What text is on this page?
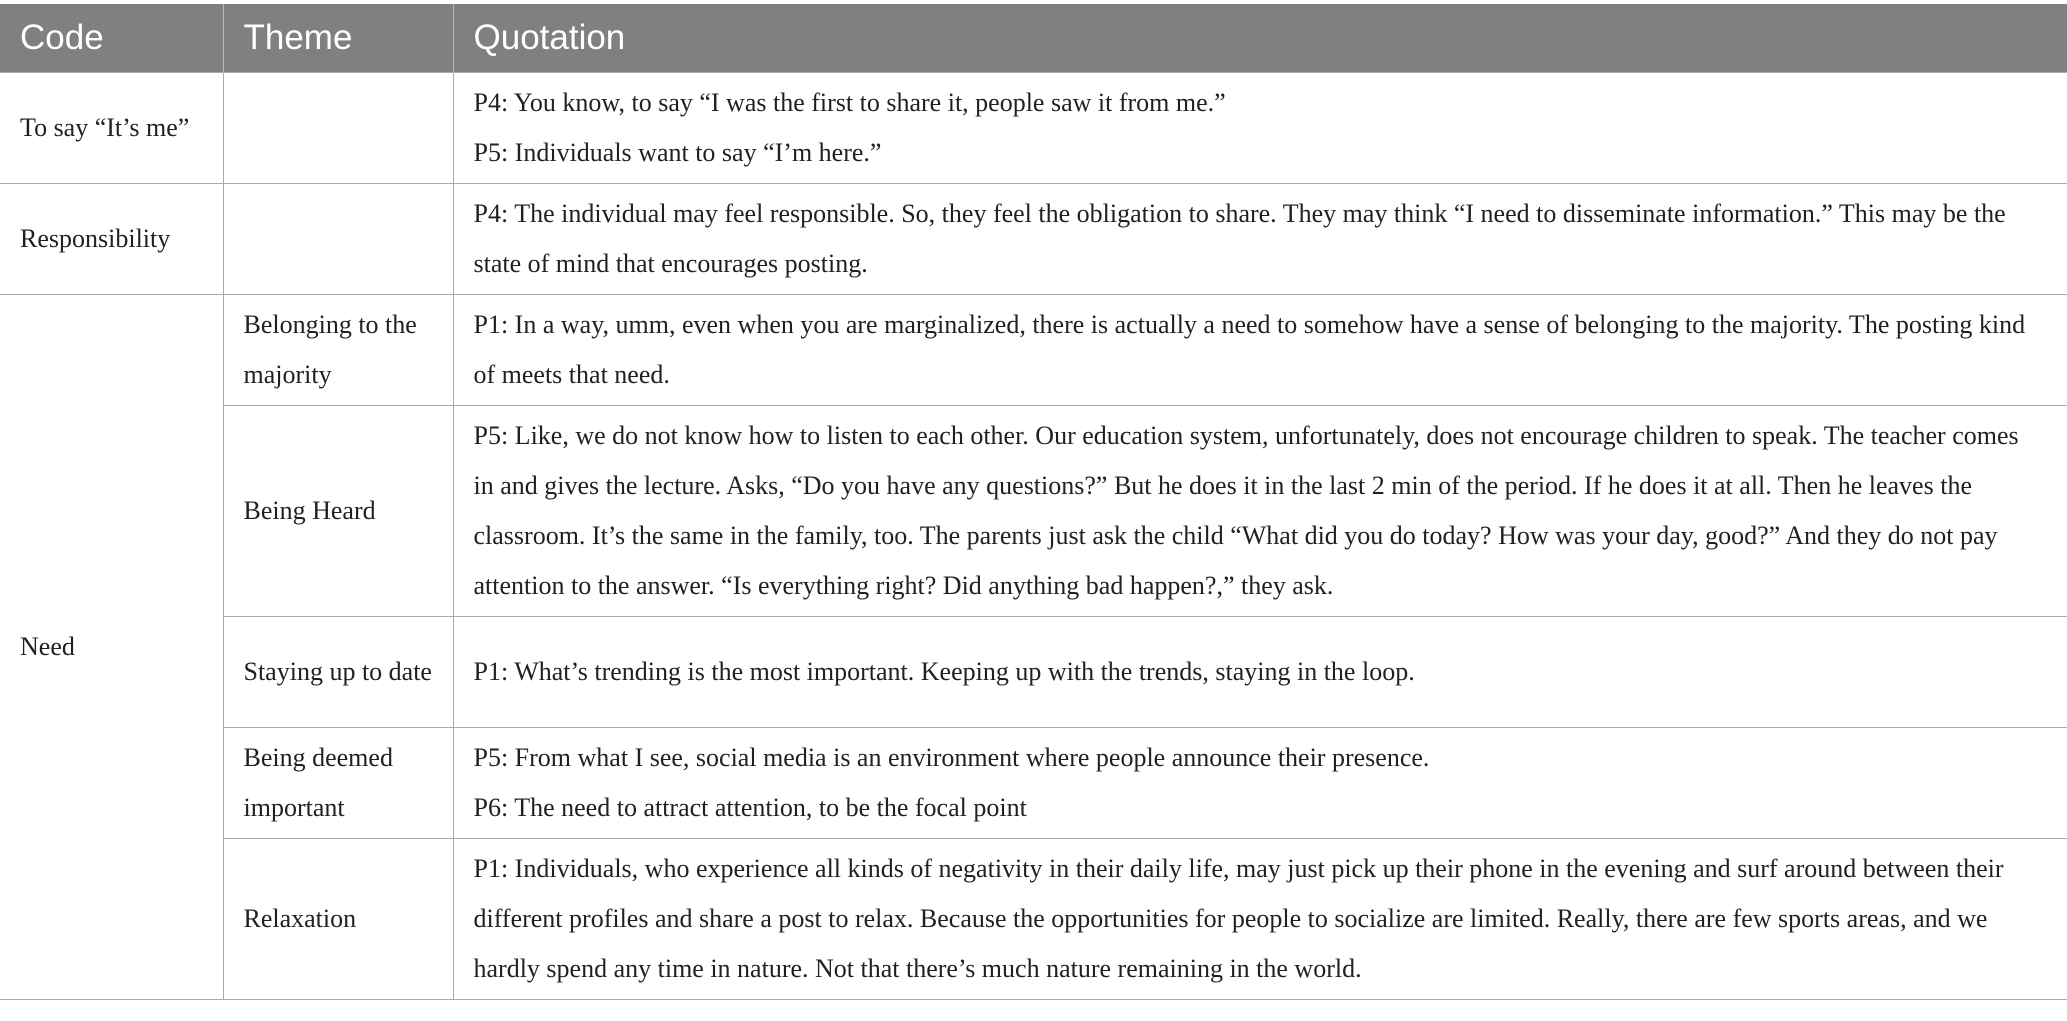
Code	Theme	Quotation
To say “It’s me”		P4: You know, to say “I was the first to share it, people saw it from me.”
P5: Individuals want to say “I’m here.”

Responsibility		P4: The individual may feel responsible. So, they feel the obligation to share. They may think “I need to disseminate information.” This may be the state of mind that encourages posting.

Need	Belonging to the majority	P1: In a way, umm, even when you are marginalized, there is actually a need to somehow have a sense of belonging to the majority. The posting kind of meets that need.

	Being Heard	P5: Like, we do not know how to listen to each other. Our education system, unfortunately, does not encourage children to speak. The teacher comes in and gives the lecture. Asks, “Do you have any questions?” But he does it in the last 2 min of the period. If he does it at all. Then he leaves the classroom. It’s the same in the family, too. The parents just ask the child “What did you do today? How was your day, good?” And they do not pay attention to the answer. “Is everything right? Did anything bad happen?,” they ask.

	Staying up to date	P1: What’s trending is the most important. Keeping up with the trends, staying in the loop.

	Being deemed important	P5: From what I see, social media is an environment where people announce their presence.
P6: The need to attract attention, to be the focal point

	Relaxation	P1: Individuals, who experience all kinds of negativity in their daily life, may just pick up their phone in the evening and surf around between their different profiles and share a post to relax. Because the opportunities for people to socialize are limited. Really, there are few sports areas, and we hardly spend any time in nature. Not that there’s much nature remaining in the world.
